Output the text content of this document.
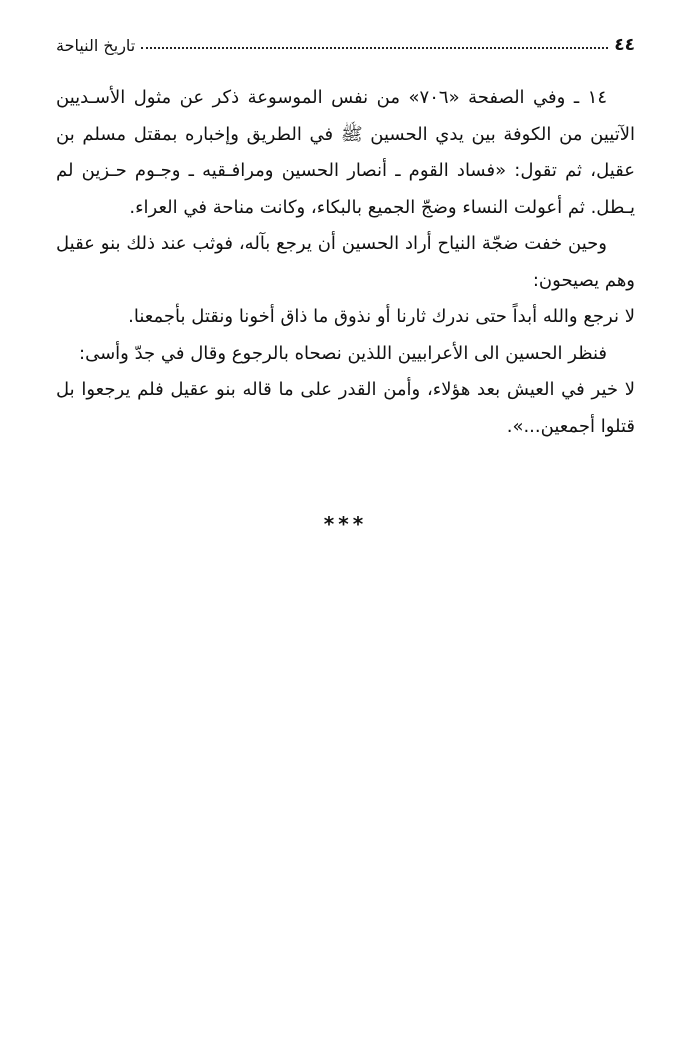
٤٤
تاريخ النياحة

١٤ ـ وفي الصفحة «٧٠٦» من نفس الموسوعة ذكر عن مثول الأسـديين الآتيين من الكوفة بين يدي الحسين ﷺ في الطريق وإخباره بمقتل مسلم بن عقيل، ثم تقول: «فساد القوم ـ أنصار الحسين ومرافـقيه ـ وجـوم حـزين لم يـطل. ثم أعولت النساء وضجّ الجميع بالبكاء، وكانت مناحة في العراء.

وحين خفت ضجّة النياح أراد الحسين أن يرجع بآله، فوثب عند ذلك بنو عقيل وهم يصيحون:

لا نرجع والله أبداً حتى ندرك ثارنا أو نذوق ما ذاق أخونا ونقتل بأجمعنا.

فنظر الحسين الى الأعرابيين اللذين نصحاه بالرجوع وقال في جدّ وأسى:

لا خير في العيش بعد هؤلاء، وأمن القدر على ما قاله بنو عقيل فلم يرجعوا بل قتلوا أجمعين...».

***
